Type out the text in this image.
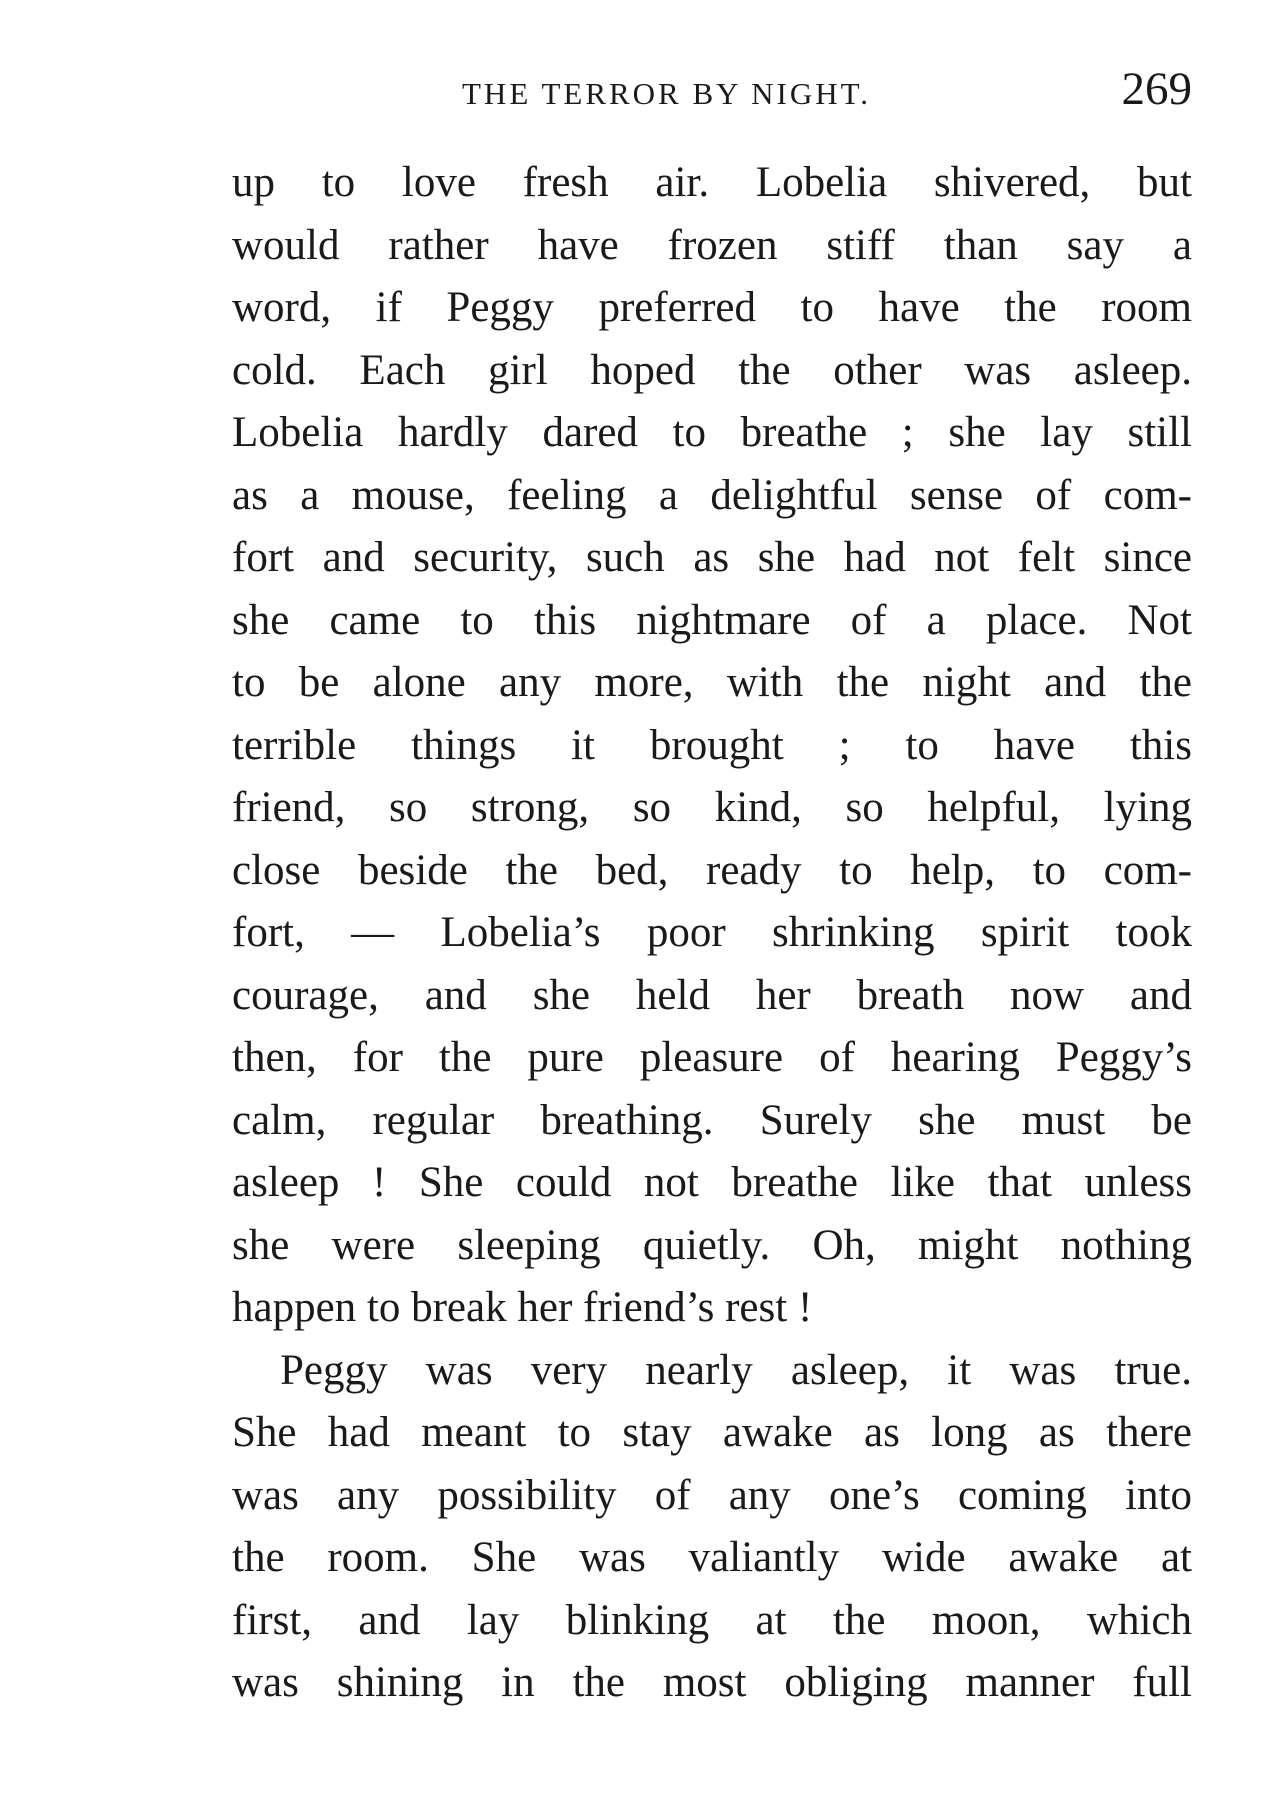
THE TERROR BY NIGHT.	269
up to love fresh air. Lobelia shivered, but
would rather have frozen stiff than say a
word, if Peggy preferred to have the room
cold. Each girl hoped the other was asleep.
Lobelia hardly dared to breathe ; she lay still
as a mouse, feeling a delightful sense of com-
fort and security, such as she had not felt since
she came to this nightmare of a place. Not
to be alone any more, with the night and the
terrible things it brought ; to have this
friend, so strong, so kind, so helpful, lying
close beside the bed, ready to help, to com-
fort, — Lobelia’s poor shrinking spirit took
courage, and she held her breath now and
then, for the pure pleasure of hearing Peggy’s
calm, regular breathing. Surely she must be
asleep ! She could not breathe like that unless
she were sleeping quietly. Oh, might nothing
happen to break her friend’s rest !
Peggy was very nearly asleep, it was true.
She had meant to stay awake as long as there
was any possibility of any one’s coming into
the room. She was valiantly wide awake at
first, and lay blinking at the moon, which
was shining in the most obliging manner full
